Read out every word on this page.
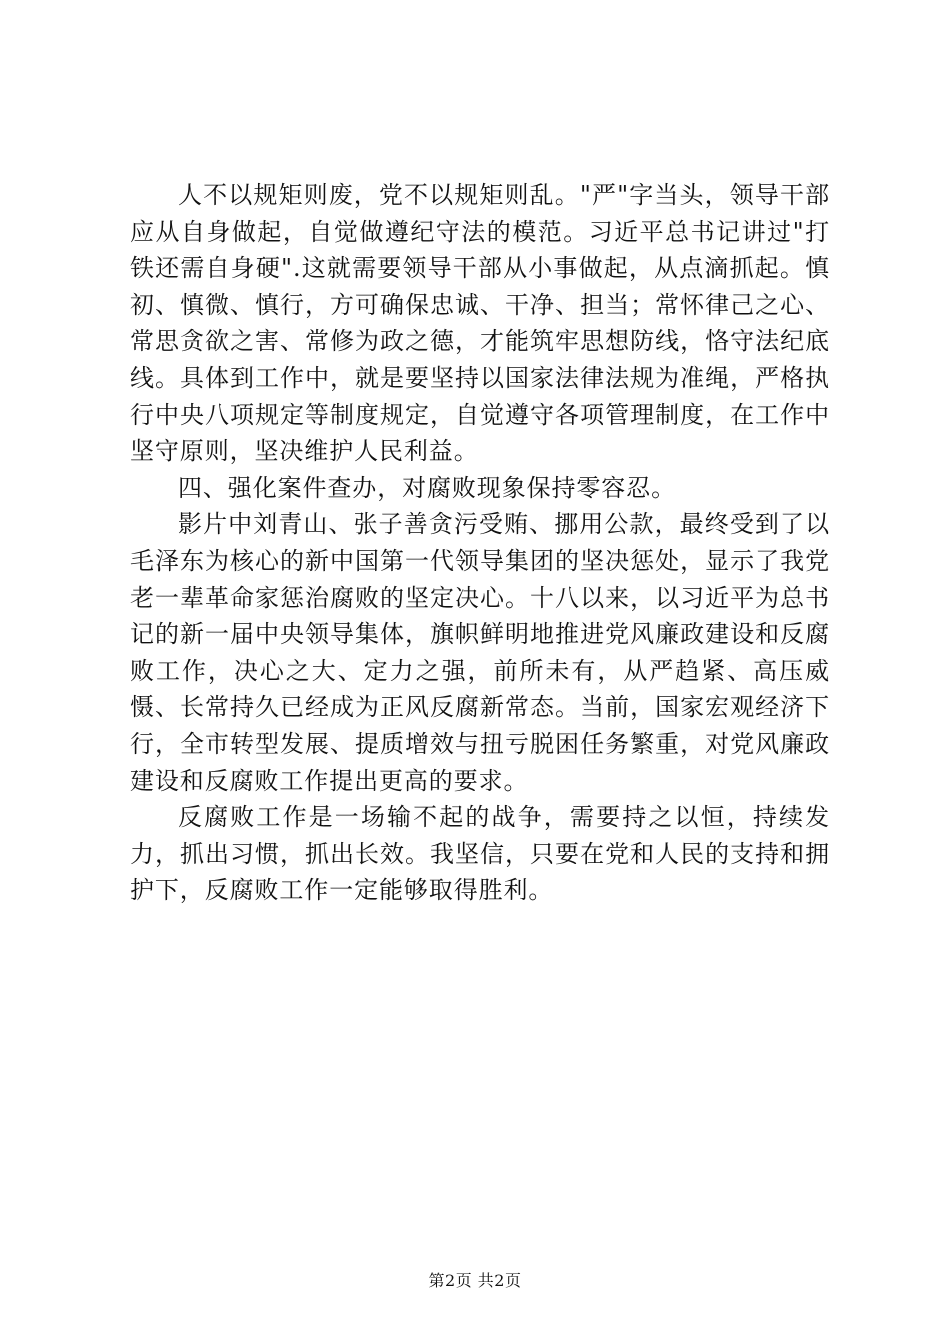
人不以规矩则废，党不以规矩则乱。"严"字当头，领导干部应从自身做起，自觉做遵纪守法的模范。习近平总书记讲过"打铁还需自身硬".这就需要领导干部从小事做起，从点滴抓起。慎初、慎微、慎行，方可确保忠诚、干净、担当；常怀律己之心、常思贪欲之害、常修为政之德，才能筑牢思想防线，恪守法纪底线。具体到工作中，就是要坚持以国家法律法规为准绳，严格执行中央八项规定等制度规定，自觉遵守各项管理制度，在工作中坚守原则，坚决维护人民利益。

四、强化案件查办，对腐败现象保持零容忍。

影片中刘青山、张子善贪污受贿、挪用公款，最终受到了以毛泽东为核心的新中国第一代领导集团的坚决惩处，显示了我党老一辈革命家惩治腐败的坚定决心。十八以来，以习近平为总书记的新一届中央领导集体，旗帜鲜明地推进党风廉政建设和反腐败工作，决心之大、定力之强，前所未有，从严趋紧、高压威慑、长常持久已经成为正风反腐新常态。当前，国家宏观经济下行，全市转型发展、提质增效与扭亏脱困任务繁重，对党风廉政建设和反腐败工作提出更高的要求。

反腐败工作是一场输不起的战争，需要持之以恒，持续发力，抓出习惯，抓出长效。我坚信，只要在党和人民的支持和拥护下，反腐败工作一定能够取得胜利。

第2页 共2页
